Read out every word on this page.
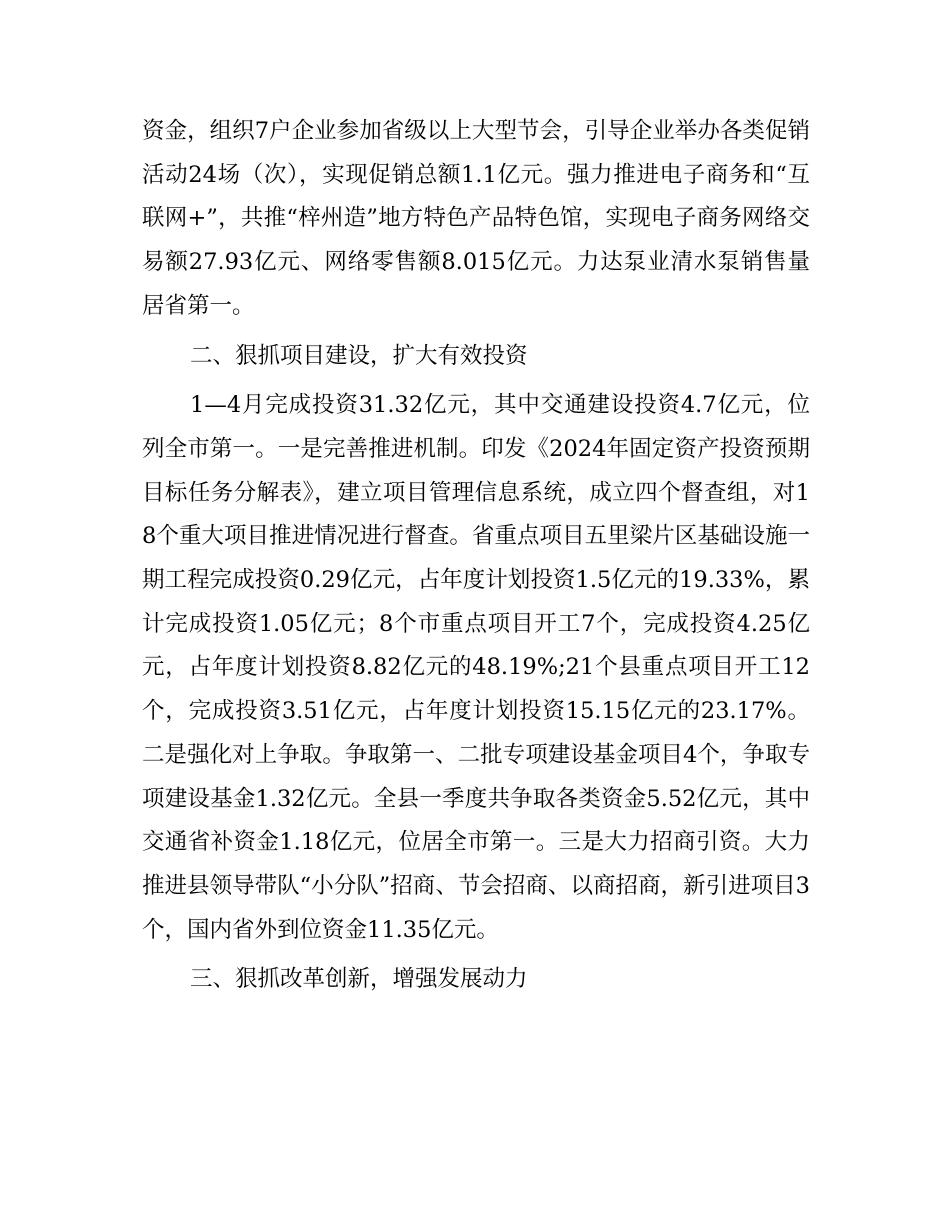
资金，组织7户企业参加省级以上大型节会，引导企业举办各类促销活动24场（次），实现促销总额1.1亿元。强力推进电子商务和“互联网+”，共推“梓州造”地方特色产品特色馆，实现电子商务网络交易额27.93亿元、网络零售额8.015亿元。力达泵业清水泵销售量居省第一。

二、狠抓项目建设，扩大有效投资

1—4月完成投资31.32亿元，其中交通建设投资4.7亿元，位列全市第一。一是完善推进机制。印发《2024年固定资产投资预期目标任务分解表》，建立项目管理信息系统，成立四个督查组，对18个重大项目推进情况进行督查。省重点项目五里梁片区基础设施一期工程完成投资0.29亿元，占年度计划投资1.5亿元的19.33%，累计完成投资1.05亿元；8个市重点项目开工7个，完成投资4.25亿元，占年度计划投资8.82亿元的48.19%;21个县重点项目开工12个，完成投资3.51亿元，占年度计划投资15.15亿元的23.17%。二是强化对上争取。争取第一、二批专项建设基金项目4个，争取专项建设基金1.32亿元。全县一季度共争取各类资金5.52亿元，其中交通省补资金1.18亿元，位居全市第一。三是大力招商引资。大力推进县领导带队“小分队”招商、节会招商、以商招商，新引进项目3个，国内省外到位资金11.35亿元。

三、狠抓改革创新，增强发展动力
